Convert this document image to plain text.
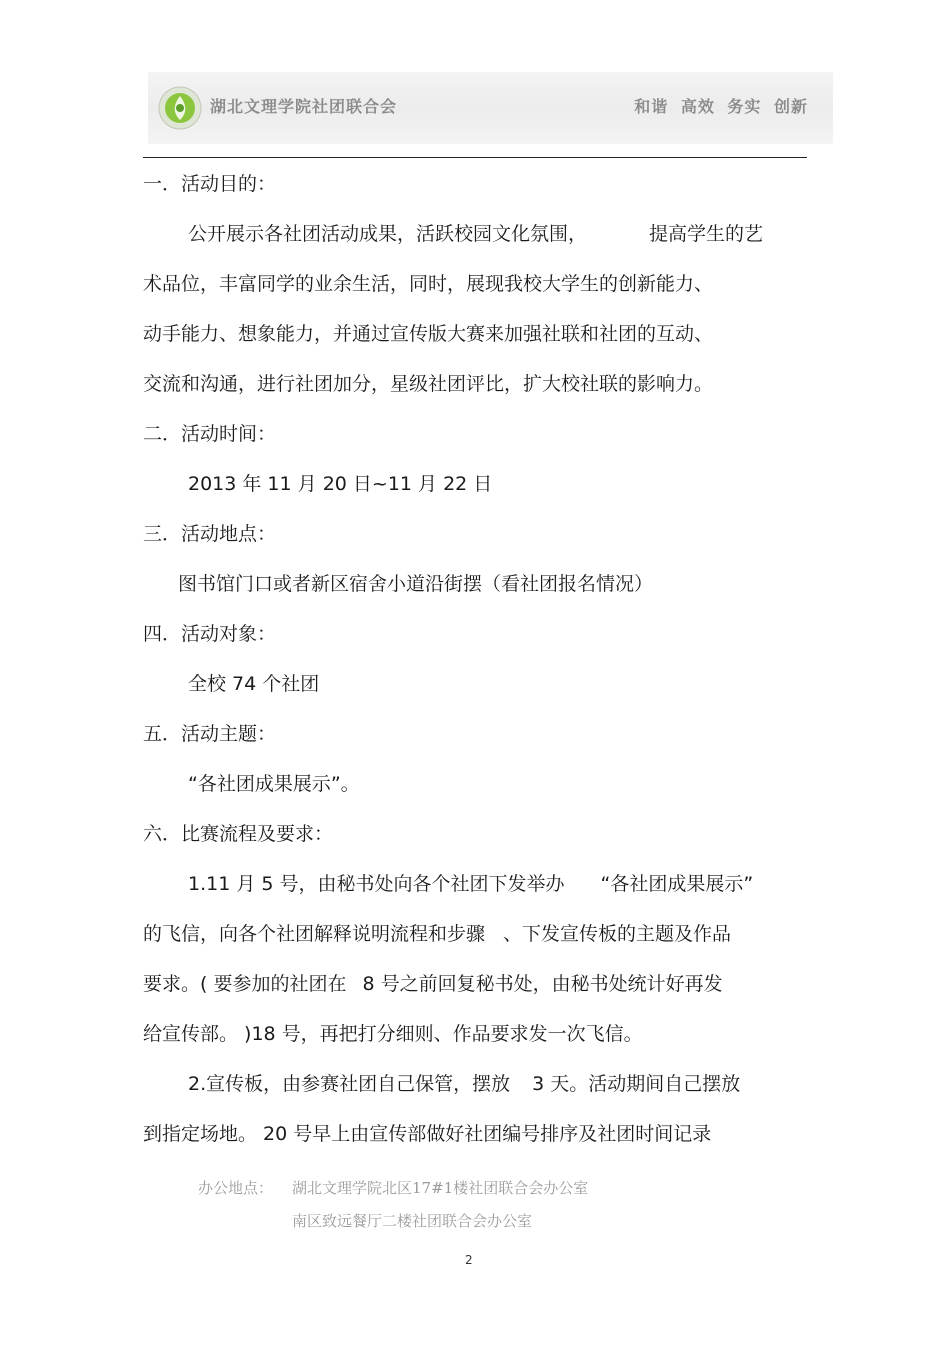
湖北文理学院社团联合会	和谐 高效 务实 创新
一．活动目的：
公开展示各社团活动成果，活跃校园文化氛围，	提高学生的艺
术品位，丰富同学的业余生活，同时，展现我校大学生的创新能力、
动手能力、想象能力，并通过宣传版大赛来加强社联和社团的互动、
交流和沟通，进行社团加分，星级社团评比，扩大校社联的影响力。
二．活动时间：
2013 年 11 月 20 日~11 月 22 日
三．活动地点：
图书馆门口或者新区宿舍小道沿街摆（看社团报名情况）
四．活动对象：
全校 74 个社团
五．活动主题：
“各社团成果展示”。
六．比赛流程及要求：
1.11 月 5 号，由秘书处向各个社团下发举办 “各社团成果展示”
的飞信，向各个社团解释说明流程和步骤 、下发宣传板的主题及作品
要求。( 要参加的社团在 8 号之前回复秘书处，由秘书处统计好再发
给宣传部。 )18 号，再把打分细则、作品要求发一次飞信。
2.宣传板，由参赛社团自己保管，摆放 3 天。活动期间自己摆放
到指定场地。 20 号早上由宣传部做好社团编号排序及社团时间记录
办公地点： 湖北文理学院北区17#1楼社团联合会办公室
南区致远餐厅二楼社团联合会办公室
2
